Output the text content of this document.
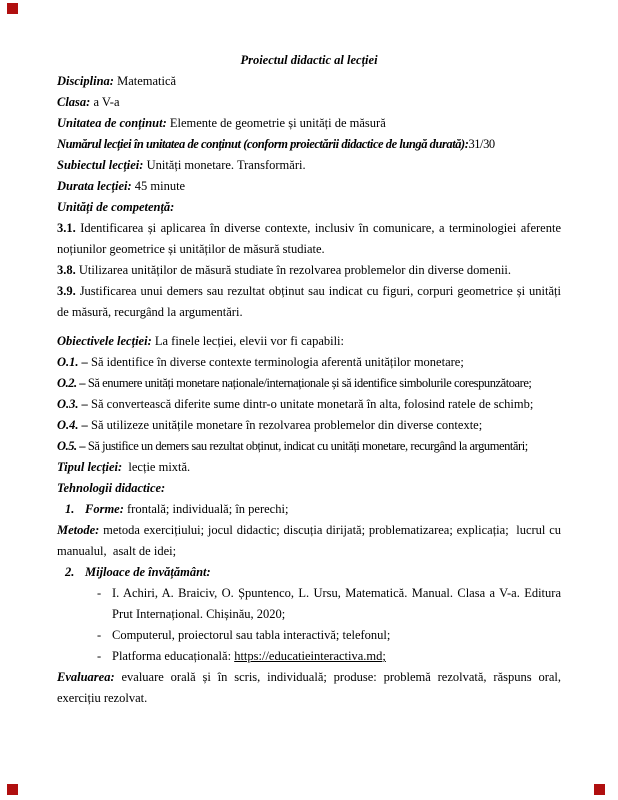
Proiectul didactic al lecției

Disciplina: Matematică

Clasa: a V-a

Unitatea de conținut: Elemente de geometrie și unități de măsură

Numărul lecției în unitatea de conținut (conform proiectării didactice de lungă durată):31/30

Subiectul lecției: Unități monetare. Transformări.

Durata lecției: 45 minute

Unități de competență:

3.1. Identificarea și aplicarea în diverse contexte, inclusiv în comunicare, a terminologiei aferente noțiunilor geometrice și unităților de măsură studiate.

3.8. Utilizarea unităților de măsură studiate în rezolvarea problemelor din diverse domenii.

3.9. Justificarea unui demers sau rezultat obținut sau indicat cu figuri, corpuri geometrice și unități de măsură, recurgând la argumentări.

Obiectivele lecției: La finele lecției, elevii vor fi capabili:

O.1. – Să identifice în diverse contexte terminologia aferentă unităților monetare;

O.2. – Să enumere unități monetare naționale/internaționale și să identifice simbolurile corespunzătoare;

O.3. – Să convertească diferite sume dintr-o unitate monetară în alta, folosind ratele de schimb;

O.4. – Să utilizeze unitățile monetare în rezolvarea problemelor din diverse contexte;

O.5. – Să justifice un demers sau rezultat obținut, indicat cu unități monetare, recurgând la argumentări;

Tipul lecției:  lecție mixtă.

Tehnologii didactice:

1. Forme: frontală; individuală; în perechi;

Metode: metoda exercițiului; jocul didactic; discuția dirijată; problematizarea; explicația;  lucrul cu manualul,  asalt de idei;

2. Mijloace de învățământ:

- I. Achiri, A. Braiciv, O. Șpuntenco, L. Ursu, Matematică. Manual. Clasa a V-a. Editura Prut Internațional. Chișinău, 2020;

- Computerul, proiectorul sau tabla interactivă; telefonul;

- Platforma educațională: https://educatieinteractiva.md;

Evaluarea: evaluare orală și în scris, individuală; produse: problemă rezolvată, răspuns oral, exercițiu rezolvat.
